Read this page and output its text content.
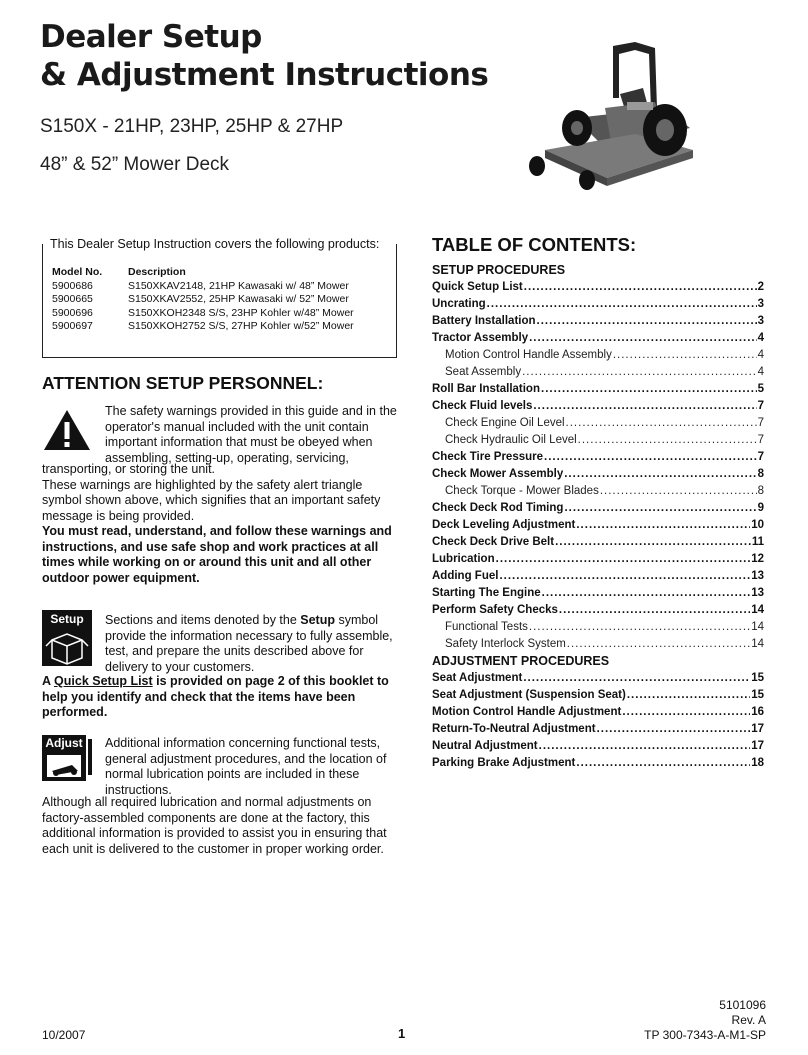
Dealer Setup
& Adjustment Instructions
S150X - 21HP, 23HP, 25HP & 27HP
48” & 52” Mower Deck
This Dealer Setup Instruction covers the following products:
Model No.	Description
5900686	S150XKAV2148, 21HP Kawasaki w/ 48” Mower
5900665	S150XKAV2552, 25HP Kawasaki w/ 52” Mower
5900696	S150XKOH2348 S/S, 23HP Kohler w/48” Mower
5900697	S150XKOH2752 S/S, 27HP Kohler w/52” Mower
ATTENTION SETUP PERSONNEL:
The safety warnings provided in this guide and in the operator's manual included with the unit contain important information that must be obeyed when assembling, setting-up, operating, servicing,
transporting, or storing the unit.
These warnings are highlighted by the safety alert triangle symbol shown above, which signifies that an important safety message is being provided.
You must read, understand, and follow these warnings and instructions, and use safe shop and work practices at all times while working on or around this unit and all other outdoor power equipment.
Setup	Sections and items denoted by the Setup symbol provide the information necessary to fully assemble, test, and prepare the units described above for delivery to your customers.
A Quick Setup List is provided on page 2 of this booklet to help you identify and check that the items have been performed.
Adjust Additional information concerning functional tests, general adjustment procedures, and the location of normal lubrication points are included in these instructions.
Although all required lubrication and normal adjustments on factory-assembled components are done at the factory, this additional information is provided to assist you in ensuring that each unit is delivered to the customer in proper working order.
TABLE OF CONTENTS:
SETUP PROCEDURES
Quick Setup List .....	2
Uncrating .....	3
Battery Installation .....	3
Tractor Assembly .....	4
Motion Control Handle Assembly .....	4
Seat Assembly .....	4
Roll Bar Installation .....	5
Check Fluid levels .....	7
Check Engine Oil Level .....	7
Check Hydraulic Oil Level .....	7
Check Tire Pressure .....	7
Check Mower Assembly .....	8
Check Torque - Mower Blades .....	8
Check Deck Rod Timing .....	9
Deck Leveling Adjustment .....	10
Check Deck Drive Belt .....	11
Lubrication .....	12
Adding Fuel .....	13
Starting The Engine .....	13
Perform Safety Checks .....	14
Functional Tests .....	14
Safety Interlock System .....	14
ADJUSTMENT PROCEDURES
Seat Adjustment .....	15
Seat Adjustment (Suspension Seat) .....	15
Motion Control Handle Adjustment .....	16
Return-To-Neutral Adjustment .....	17
Neutral Adjustment .....	17
Parking Brake Adjustment .....	18
10/2007	1
5101096
Rev. A
TP 300-7343-A-M1-SP
